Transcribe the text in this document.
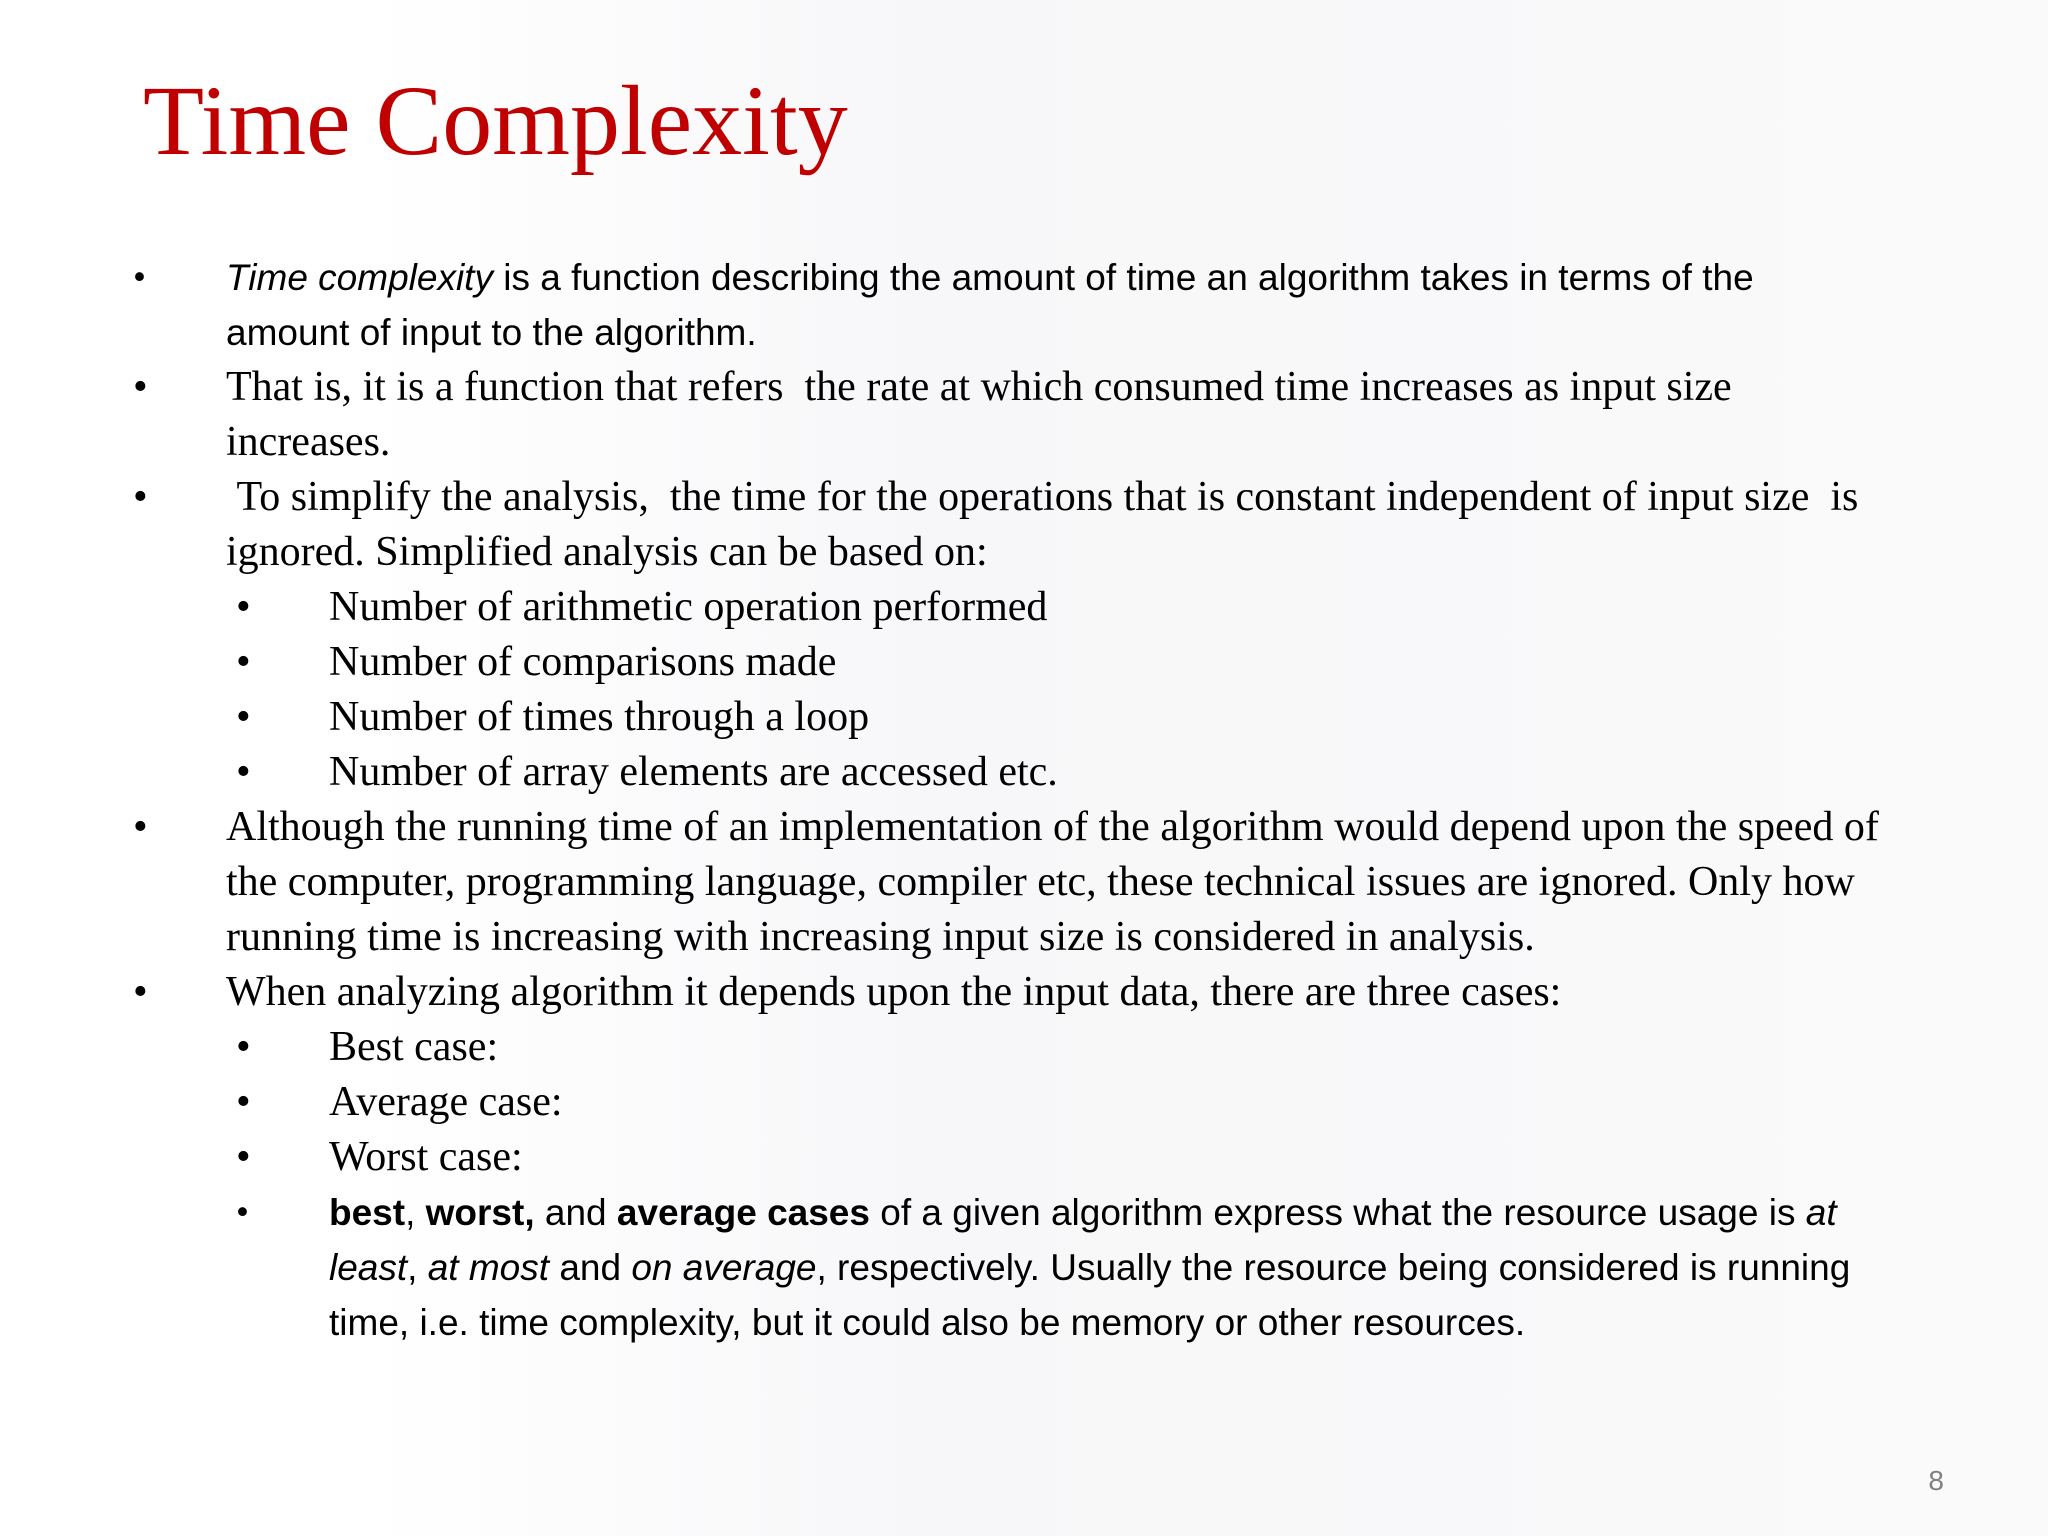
Time Complexity

• Time complexity is a function describing the amount of time an algorithm takes in terms of the amount of input to the algorithm.

• That is, it is a function that refers  the rate at which consumed time increases as input size increases.

• To simplify the analysis,  the time for the operations that is constant independent of input size  is ignored. Simplified analysis can be based on:

• Number of arithmetic operation performed

• Number of comparisons made

• Number of times through a loop

• Number of array elements are accessed etc.

• Although the running time of an implementation of the algorithm would depend upon the speed of the computer, programming language, compiler etc, these technical issues are ignored. Only how running time is increasing with increasing input size is considered in analysis.

• When analyzing algorithm it depends upon the input data, there are three cases:

• Best case:

• Average case:

• Worst case:

• best, worst, and average cases of a given algorithm express what the resource usage is at least, at most and on average, respectively. Usually the resource being considered is running time, i.e. time complexity, but it could also be memory or other resources.

8
